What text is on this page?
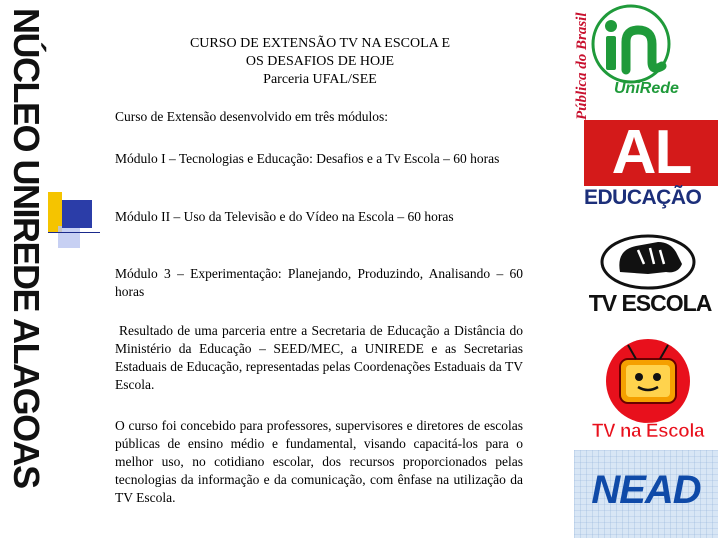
NÚCLEO UNIREDE ALAGOAS	CURSO DE EXTENSÃO TV NA ESCOLA E
OS DESAFIOS DE HOJE
Parceria UFAL/SEE

Curso de Extensão desenvolvido em três módulos:

Módulo I – Tecnologias e Educação: Desafios e a Tv Escola – 60 horas

Módulo II – Uso da Televisão e do Vídeo na Escola – 60 horas

Módulo 3 – Experimentação: Planejando, Produzindo, Analisando – 60 horas

Resultado de uma parceria entre a Secretaria de Educação a Distância do Ministério da Educação – SEED/MEC, a UNIREDE e as Secretarias Estaduais de Educação, representadas pelas Coordenações Estaduais da TV Escola.

O curso foi concebido para professores, supervisores e diretores de escolas públicas de ensino médio e fundamental, visando capacitá-los para o melhor uso, no cotidiano escolar, dos recursos proporcionados pelas tecnologias da informação e da comunicação, com ênfase na utilização da TV Escola.

UniRede
Pública do Brasil
AL
EDUCAÇÃO
TV ESCOLA
TV na Escola
NEAD
